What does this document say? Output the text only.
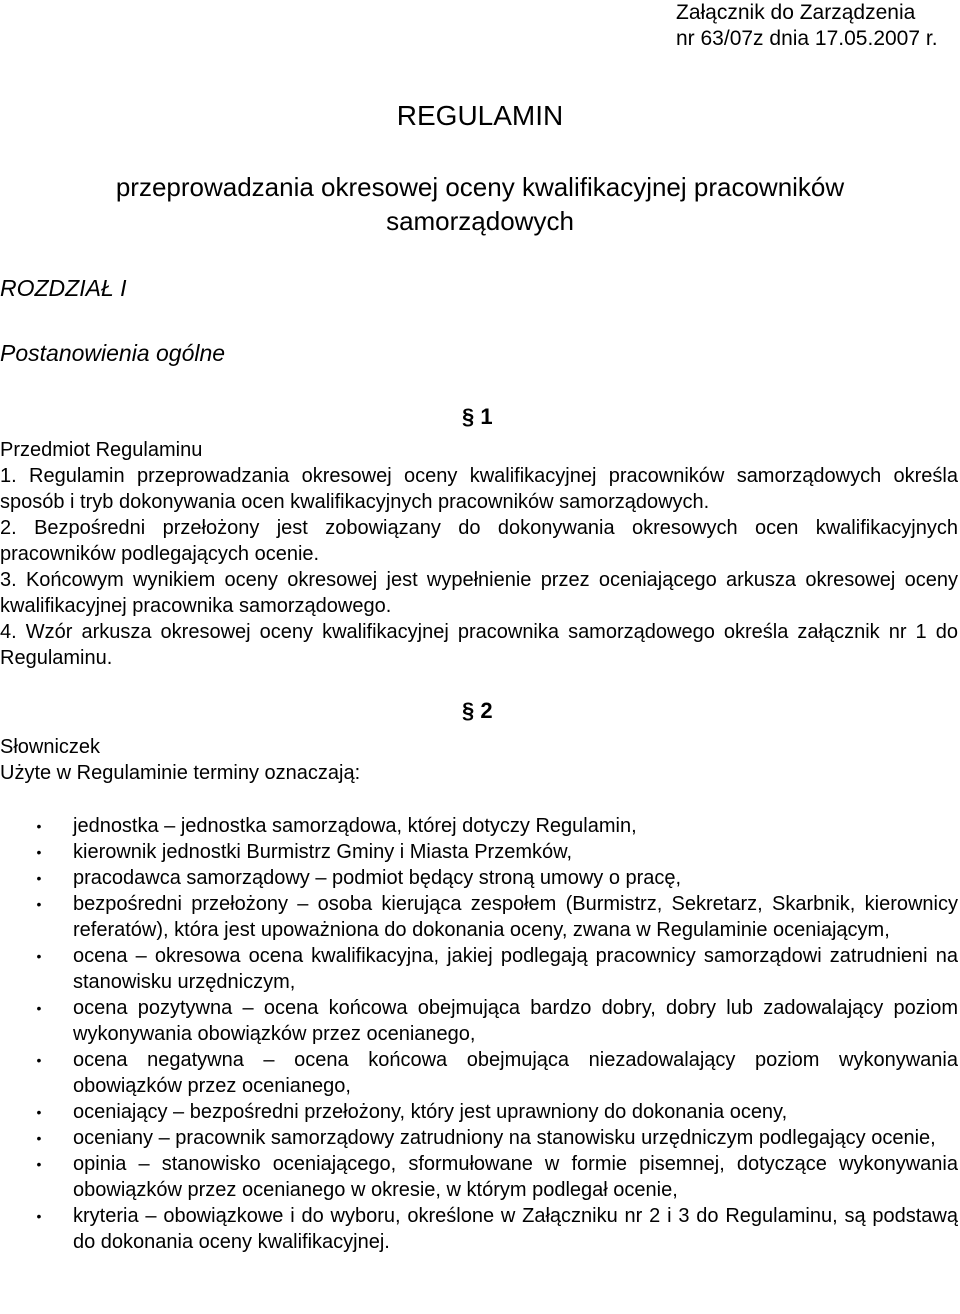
Załącznik do Zarządzenia
nr 63/07z dnia 17.05.2007 r.
REGULAMIN
przeprowadzania okresowej oceny kwalifikacyjnej pracowników
samorządowych
ROZDZIAŁ I
Postanowienia ogólne
§ 1

Przedmiot Regulaminu

1. Regulamin przeprowadzania okresowej oceny kwalifikacyjnej pracowników samorządowych określa sposób i tryb dokonywania ocen kwalifikacyjnych pracowników samorządowych.

2. Bezpośredni przełożony jest zobowiązany do dokonywania okresowych ocen kwalifikacyjnych pracowników podlegających ocenie.

3. Końcowym wynikiem oceny okresowej jest wypełnienie przez oceniającego arkusza okresowej oceny kwalifikacyjnej pracownika samorządowego.

4. Wzór arkusza okresowej oceny kwalifikacyjnej pracownika samorządowego określa załącznik nr 1 do Regulaminu.

§ 2

Słowniczek

Użyte w Regulaminie terminy oznaczają:

• jednostka – jednostka samorządowa, której dotyczy Regulamin,
• kierownik jednostki Burmistrz Gminy i Miasta Przemków,
• pracodawca samorządowy – podmiot będący stroną umowy o pracę,
• bezpośredni przełożony – osoba kierująca zespołem (Burmistrz, Sekretarz, Skarbnik, kierownicy referatów), która jest upoważniona do dokonania oceny, zwana w Regulaminie oceniającym,
• ocena – okresowa ocena kwalifikacyjna, jakiej podlegają pracownicy samorządowi zatrudnieni na stanowisku urzędniczym,
• ocena pozytywna – ocena końcowa obejmująca bardzo dobry, dobry lub zadowalający poziom wykonywania obowiązków przez ocenianego,
• ocena negatywna – ocena końcowa obejmująca niezadowalający poziom wykonywania obowiązków przez ocenianego,
• oceniający – bezpośredni przełożony, który jest uprawniony do dokonania oceny,
• oceniany – pracownik samorządowy zatrudniony na stanowisku urzędniczym podlegający ocenie,
• opinia – stanowisko oceniającego, sformułowane w formie pisemnej, dotyczące wykonywania obowiązków przez ocenianego w okresie, w którym podlegał ocenie,
• kryteria – obowiązkowe i do wyboru, określone w Załączniku nr 2 i 3 do Regulaminu, są podstawą do dokonania oceny kwalifikacyjnej.
